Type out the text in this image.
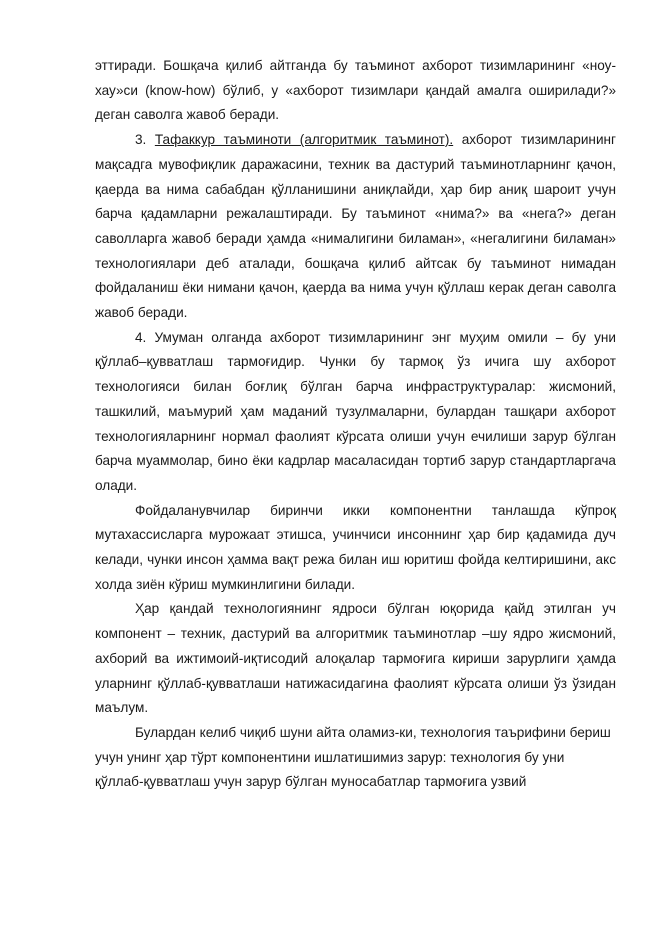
эттиради. Бошқача қилиб айтганда бу таъминот ахборот тизимларининг «ноу-хау»си (know-how) бўлиб, у «ахборот тизимлари қандай амалга оширилади?» деган саволга жавоб беради.

3. Тафаккур таъминоти (алгоритмик таъминот). ахборот тизимларининг мақсадга мувофиқлик даражасини, техник ва дастурий таъминотларнинг қачон, қаерда ва нима сабабдан қўлланишини аниқлайди, ҳар бир аниқ шароит учун барча қадамларни режалаштиради. Бу таъминот «нима?» ва «нега?» деган саволларга жавоб беради ҳамда «нималигини биламан», «негалигини биламан» технологиялари деб аталади, бошқача қилиб айтсак бу таъминот нимадан фойдаланиш ёки нимани қачон, қаерда ва нима учун қўллаш керак деган саволга жавоб беради.

4. Умуман олганда ахборот тизимларининг энг муҳим омили – бу уни қўллаб–қувватлаш тармоғидир. Чунки бу тармоқ ўз ичига шу ахборот технологияси билан боғлиқ бўлган барча инфраструктуралар: жисмоний, ташкилий, маъмурий ҳам маданий тузулмаларни, булардан ташқари ахборот технологияларнинг нормал фаолият кўрсата олиши учун ечилиши зарур бўлган барча муаммолар, бино ёки кадрлар масаласидан тортиб зарур стандартларгача олади.

Фойдаланувчилар биринчи икки компонентни танлашда кўпроқ мутахассисларга мурожаат этишса, учинчиси инсоннинг ҳар бир қадамида дуч келади, чунки инсон ҳамма вақт режа билан иш юритиш фойда келтиришини, акс холда зиён кўриш мумкинлигини билади.

Ҳар қандай технологиянинг ядроси бўлган юқорида қайд этилган уч компонент – техник, дастурий ва алгоритмик таъминотлар –шу ядро жисмоний, ахборий ва ижтимоий-иқтисодий алоқалар тармоғига кириши зарурлиги ҳамда уларнинг қўллаб-қувватлаши натижасидагина фаолият кўрсата олиши ўз ўзидан маълум.

Булардан келиб чиқиб шуни айта оламиз-ки, технология таърифини бериш учун унинг ҳар тўрт компонентини ишлатишимиз зарур: технология бу уни қўллаб-қувватлаш учун зарур бўлган муносабатлар тармоғига узвий
